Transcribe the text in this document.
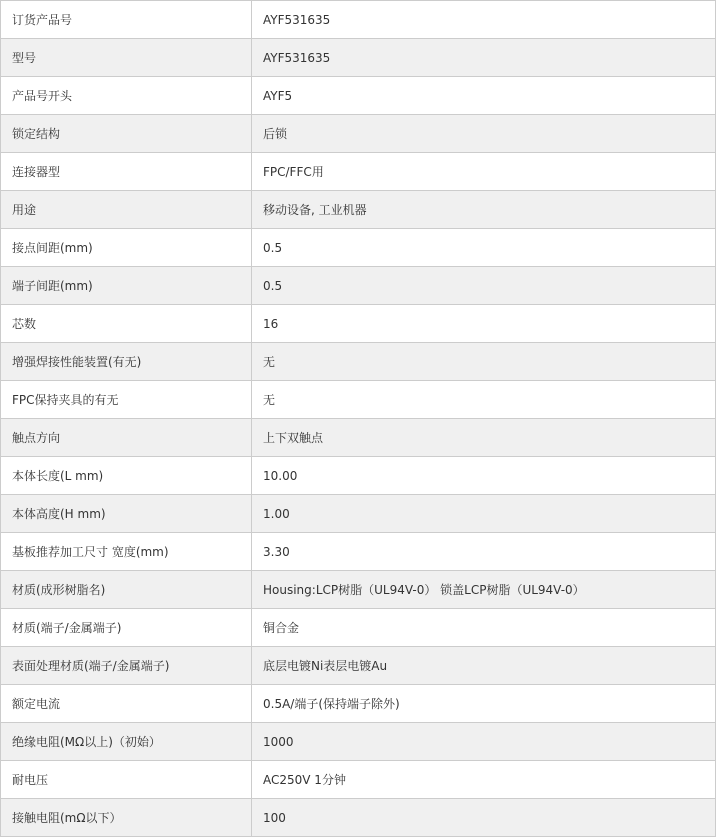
订货产品号	AYF531635
型号	AYF531635
产品号开头	AYF5
锁定结构	后锁
连接器型	FPC/FFC用
用途	移动设备, 工业机器
接点间距(mm)	0.5
端子间距(mm)	0.5
芯数	16
增强焊接性能装置(有无)	无
FPC保持夹具的有无	无
触点方向	上下双触点
本体长度(L mm)	10.00
本体高度(H mm)	1.00
基板推荐加工尺寸 宽度(mm)	3.30
材质(成形树脂名)	Housing:LCP树脂（UL94V-0） 锁盖LCP树脂（UL94V-0）
材质(端子/金属端子)	铜合金
表面处理材质(端子/金属端子)	底层电镀Ni表层电镀Au
额定电流	0.5A/端子(保持端子除外)
绝缘电阻(MΩ以上)（初始）	1000
耐电压	AC250V 1分钟
接触电阻(mΩ以下）	100
